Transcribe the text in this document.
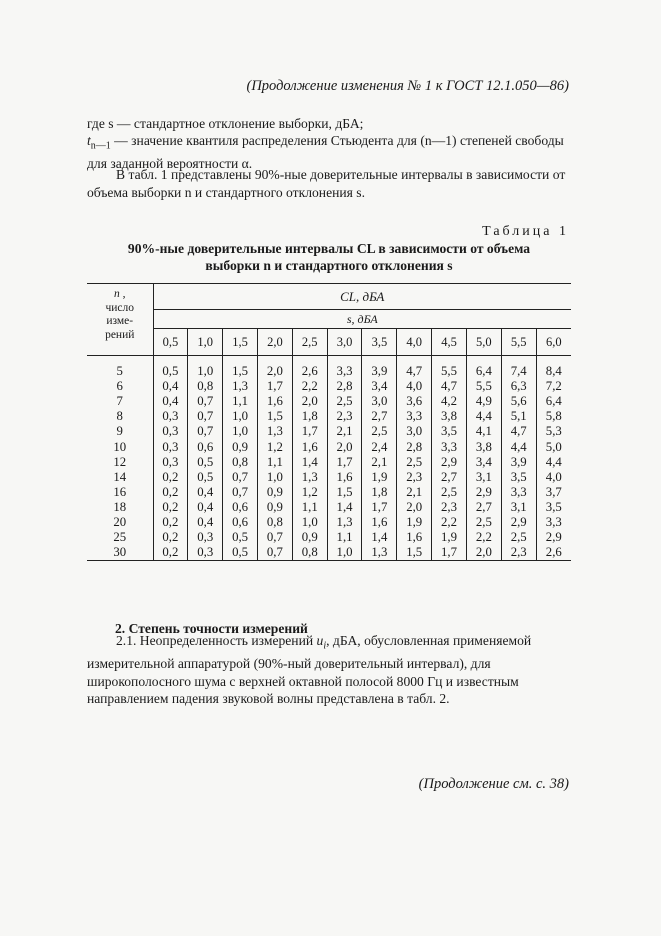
(Продолжение изменения № 1 к ГОСТ 12.1.050—86)
где s — стандартное отклонение выборки, дБА;
$t_{n—1}$ — значение квантиля распределения Стьюдента для (n—1) степеней свободы для заданной вероятности α.
В табл. 1 представлены 90%-ные доверительные интервалы в зависимости от объема выборки n и стандартного отклонения s.
Таблица 1
90%-ные доверительные интервалы CL в зависимости от объема
выборки n и стандартного отклонения s
n ,
число
изме-
рений	CL, дБА											
	s, дБА											
	0,5	1,0	1,5	2,0	2,5	3,0	3,5	4,0	4,5	5,0	5,5	6,0
5	0,5	1,0	1,5	2,0	2,6	3,3	3,9	4,7	5,5	6,4	7,4	8,4
6	0,4	0,8	1,3	1,7	2,2	2,8	3,4	4,0	4,7	5,5	6,3	7,2
7	0,4	0,7	1,1	1,6	2,0	2,5	3,0	3,6	4,2	4,9	5,6	6,4
8	0,3	0,7	1,0	1,5	1,8	2,3	2,7	3,3	3,8	4,4	5,1	5,8
9	0,3	0,7	1,0	1,3	1,7	2,1	2,5	3,0	3,5	4,1	4,7	5,3
10	0,3	0,6	0,9	1,2	1,6	2,0	2,4	2,8	3,3	3,8	4,4	5,0
12	0,3	0,5	0,8	1,1	1,4	1,7	2,1	2,5	2,9	3,4	3,9	4,4
14	0,2	0,5	0,7	1,0	1,3	1,6	1,9	2,3	2,7	3,1	3,5	4,0
16	0,2	0,4	0,7	0,9	1,2	1,5	1,8	2,1	2,5	2,9	3,3	3,7
18	0,2	0,4	0,6	0,9	1,1	1,4	1,7	2,0	2,3	2,7	3,1	3,5
20	0,2	0,4	0,6	0,8	1,0	1,3	1,6	1,9	2,2	2,5	2,9	3,3
25	0,2	0,3	0,5	0,7	0,9	1,1	1,4	1,6	1,9	2,2	2,5	2,9
30	0,2	0,3	0,5	0,7	0,8	1,0	1,3	1,5	1,7	2,0	2,3	2,6
2. Степень точности измерений
2.1. Неопределенность измерений $u_i$, дБА, обусловленная применяемой измерительной аппаратурой (90%-ный доверительный интервал), для широкополосного шума с верхней октавной полосой 8000 Гц и известным направлением падения звуковой волны представлена в табл. 2.
(Продолжение см. с. 38)
